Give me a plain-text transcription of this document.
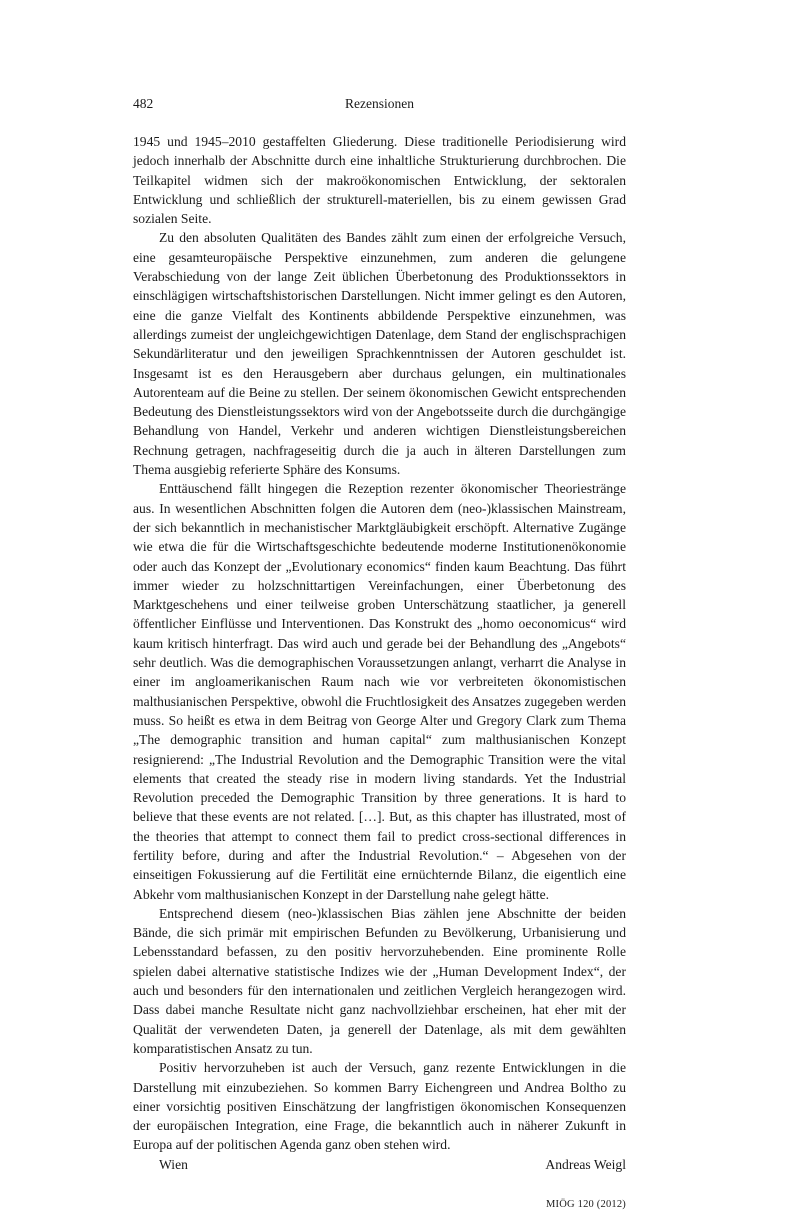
482	Rezensionen

1945 und 1945–2010 gestaffelten Gliederung. Diese traditionelle Periodisierung wird jedoch innerhalb der Abschnitte durch eine inhaltliche Strukturierung durchbrochen. Die Teilkapitel widmen sich der makroökonomischen Entwicklung, der sektoralen Entwicklung und schließlich der strukturell-materiellen, bis zu einem gewissen Grad sozialen Seite.

Zu den absoluten Qualitäten des Bandes zählt zum einen der erfolgreiche Versuch, eine gesamteuropäische Perspektive einzunehmen, zum anderen die gelungene Verabschiedung von der lange Zeit üblichen Überbetonung des Produktionssektors in einschlägigen wirtschaftshistorischen Darstellungen. Nicht immer gelingt es den Autoren, eine die ganze Vielfalt des Kontinents abbildende Perspektive einzunehmen, was allerdings zumeist der ungleichgewichtigen Datenlage, dem Stand der englischsprachigen Sekundärliteratur und den jeweiligen Sprachkenntnissen der Autoren geschuldet ist. Insgesamt ist es den Herausgebern aber durchaus gelungen, ein multinationales Autorenteam auf die Beine zu stellen. Der seinem ökonomischen Gewicht entsprechenden Bedeutung des Dienstleistungssektors wird von der Angebotsseite durch die durchgängige Behandlung von Handel, Verkehr und anderen wichtigen Dienstleistungsbereichen Rechnung getragen, nachfrageseitig durch die ja auch in älteren Darstellungen zum Thema ausgiebig referierte Sphäre des Konsums.

Enttäuschend fällt hingegen die Rezeption rezenter ökonomischer Theoriestränge aus. In wesentlichen Abschnitten folgen die Autoren dem (neo-)klassischen Mainstream, der sich bekanntlich in mechanistischer Marktgläubigkeit erschöpft. Alternative Zugänge wie etwa die für die Wirtschaftsgeschichte bedeutende moderne Institutionenökonomie oder auch das Konzept der „Evolutionary economics“ finden kaum Beachtung. Das führt immer wieder zu holzschnittartigen Vereinfachungen, einer Überbetonung des Marktgeschehens und einer teilweise groben Unterschätzung staatlicher, ja generell öffentlicher Einflüsse und Interventionen. Das Konstrukt des „homo oeconomicus“ wird kaum kritisch hinterfragt. Das wird auch und gerade bei der Behandlung des „Angebots“ sehr deutlich. Was die demographischen Voraussetzungen anlangt, verharrt die Analyse in einer im angloamerikanischen Raum nach wie vor verbreiteten ökonomistischen malthusianischen Perspektive, obwohl die Fruchtlosigkeit des Ansatzes zugegeben werden muss. So heißt es etwa in dem Beitrag von George Alter und Gregory Clark zum Thema „The demographic transition and human capital“ zum malthusianischen Konzept resignierend: „The Industrial Revolution and the Demographic Transition were the vital elements that created the steady rise in modern living standards. Yet the Industrial Revolution preceded the Demographic Transition by three generations. It is hard to believe that these events are not related. […]. But, as this chapter has illustrated, most of the theories that attempt to connect them fail to predict cross-sectional differences in fertility before, during and after the Industrial Revolution.“ – Abgesehen von der einseitigen Fokussierung auf die Fertilität eine ernüchternde Bilanz, die eigentlich eine Abkehr vom malthusianischen Konzept in der Darstellung nahe gelegt hätte.

Entsprechend diesem (neo-)klassischen Bias zählen jene Abschnitte der beiden Bände, die sich primär mit empirischen Befunden zu Bevölkerung, Urbanisierung und Lebensstandard befassen, zu den positiv hervorzuhebenden. Eine prominente Rolle spielen dabei alternative statistische Indizes wie der „Human Development Index“, der auch und besonders für den internationalen und zeitlichen Vergleich herangezogen wird. Dass dabei manche Resultate nicht ganz nachvollziehbar erscheinen, hat eher mit der Qualität der verwendeten Daten, ja generell der Datenlage, als mit dem gewählten komparatistischen Ansatz zu tun.

Positiv hervorzuheben ist auch der Versuch, ganz rezente Entwicklungen in die Darstellung mit einzubeziehen. So kommen Barry Eichengreen und Andrea Boltho zu einer vorsichtig positiven Einschätzung der langfristigen ökonomischen Konsequenzen der europäischen Integration, eine Frage, die bekanntlich auch in näherer Zukunft in Europa auf der politischen Agenda ganz oben stehen wird.

Wien	Andreas Weigl
MIÖG 120 (2012)
